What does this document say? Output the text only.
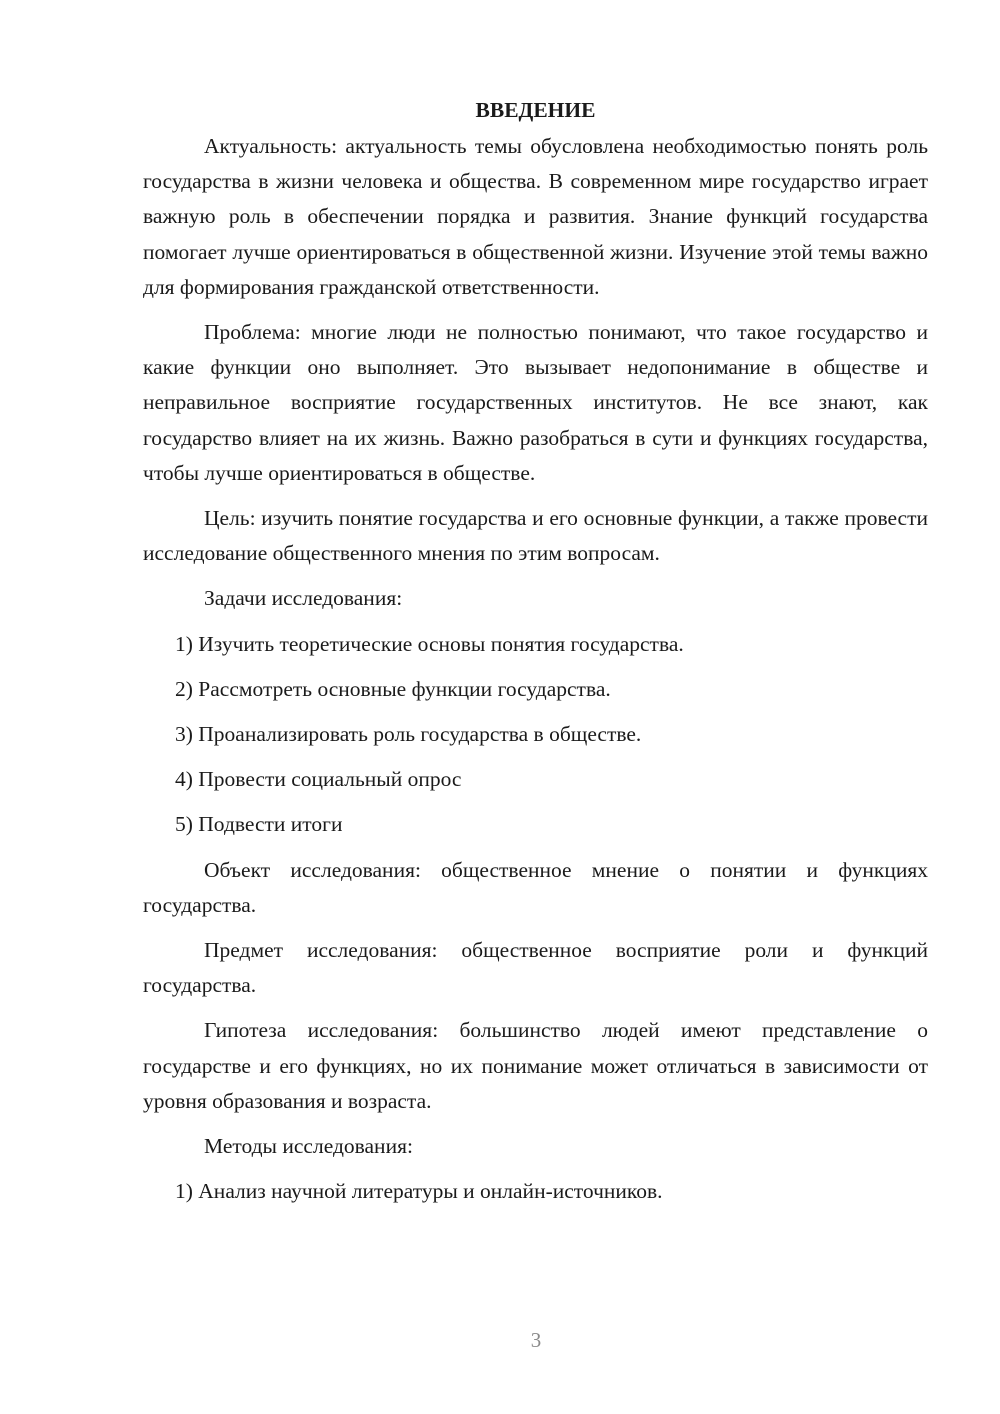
ВВЕДЕНИЕ

Актуальность: актуальность темы обусловлена необходимостью понять роль государства в жизни человека и общества. В современном мире государство играет важную роль в обеспечении порядка и развития. Знание функций государства помогает лучше ориентироваться в общественной жизни. Изучение этой темы важно для формирования гражданской ответственности.

Проблема: многие люди не полностью понимают, что такое государство и какие функции оно выполняет. Это вызывает недопонимание в обществе и неправильное восприятие государственных институтов. Не все знают, как государство влияет на их жизнь. Важно разобраться в сути и функциях государства, чтобы лучше ориентироваться в обществе.

Цель: изучить понятие государства и его основные функции, а также провести исследование общественного мнения по этим вопросам.

Задачи исследования:
1) Изучить теоретические основы понятия государства.
2) Рассмотреть основные функции государства.
3) Проанализировать роль государства в обществе.
4) Провести социальный опрос
5) Подвести итоги

Объект исследования: общественное мнение о понятии и функциях государства.

Предмет исследования: общественное восприятие роли и функций государства.

Гипотеза исследования: большинство людей имеют представление о государстве и его функциях, но их понимание может отличаться в зависимости от уровня образования и возраста.

Методы исследования:
1) Анализ научной литературы и онлайн-источников.
3
